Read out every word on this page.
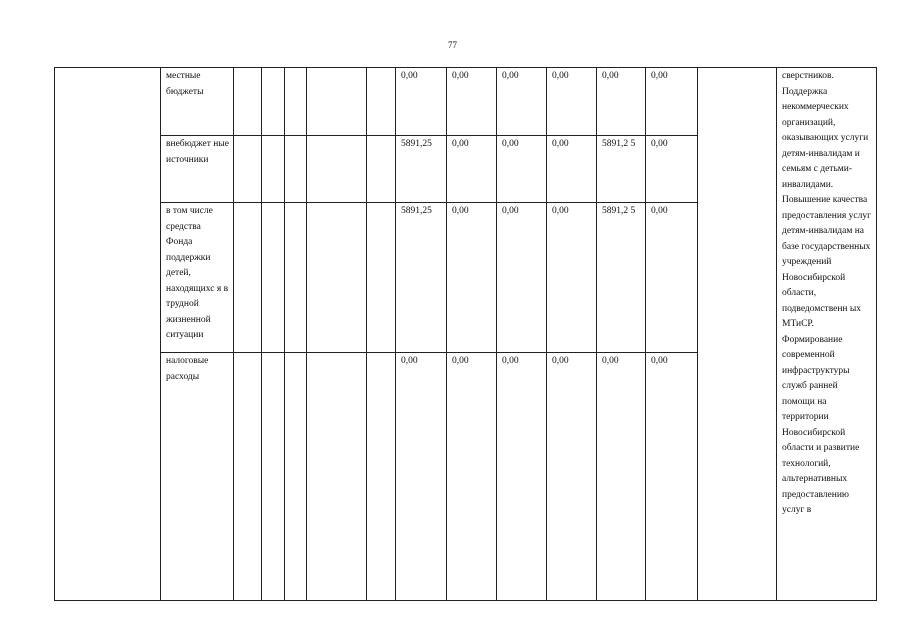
77
	местные бюджеты						0,00	0,00	0,00	0,00	0,00	0,00		сверстников. Поддержка некоммерческих организаций, оказывающих услуги детям-инвалидам и семьям с детьми-инвалидами. Повышение качества предоставления услуг детям-инвалидам на базе государственных учреждений Новосибирской области, подведомственн ых МТиСР. Формирование современной инфраструктуры служб ранней помощи на территории Новосибирской области и развитие технологий, альтернативных предоставлению услуг в
	внебюджет ные источники						5891,25	0,00	0,00	0,00	5891,2 5	0,00		
	в том числе средства Фонда поддержки детей, находящихс я в трудной жизненной ситуации						5891,25	0,00	0,00	0,00	5891,2 5	0,00		
	налоговые расходы						0,00	0,00	0,00	0,00	0,00	0,00		
